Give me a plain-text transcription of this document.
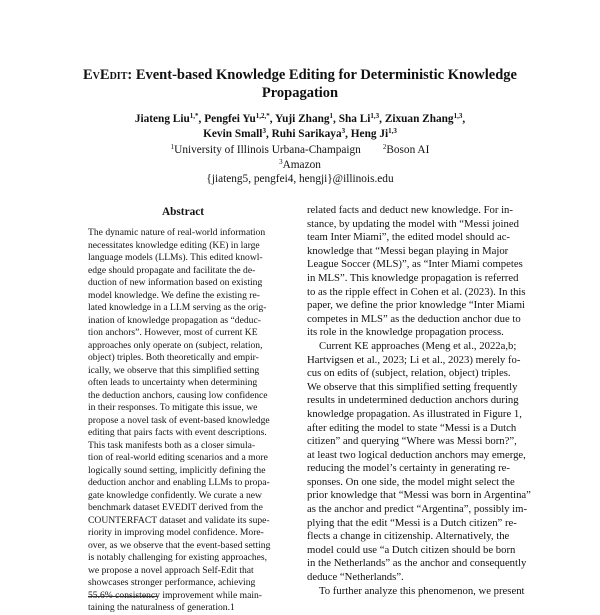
EvEdit: Event-based Knowledge Editing for Deterministic Knowledge
Propagation
Jiateng Liu$^{1,*}$, Pengfei $Yu^{1,2,*}$, Yuji Zhang$^1$, Sha Li$^{1,3}$, Zixuan Zhang$^{1,3}$,
Kevin Small$^3$, Ruhi Sarikaya$^3$, Heng Ji$^{1,3}$
$^1$University of Illinois Urbana-Champaign	$^2$Boson AI
$^3$Amazon
{jiateng5, pengfei4, hengji}@illinois.edu
Abstract
The dynamic nature of real-world information
necessitates knowledge editing (KE) in large
language models (LLMs). This edited knowl-
edge should propagate and facilitate the de-
duction of new information based on existing
model knowledge. We define the existing re-
lated knowledge in a LLM serving as the orig-
ination of knowledge propagation as “deduc-
tion anchors”. However, most of current KE
approaches only operate on (subject, relation,
object) triples. Both theoretically and empir-
ically, we observe that this simplified setting
often leads to uncertainty when determining
the deduction anchors, causing low confidence
in their responses. To mitigate this issue, we
propose a novel task of event-based knowledge
editing that pairs facts with event descriptions.
This task manifests both as a closer simula-
tion of real-world editing scenarios and a more
logically sound setting, implicitly defining the
deduction anchor and enabling LLMs to propa-
gate knowledge confidently. We curate a new
benchmark dataset EVEDIT derived from the
COUNTERFACT dataset and validate its supe-
riority in improving model confidence. More-
over, as we observe that the event-based setting
is notably challenging for existing approaches,
we propose a novel approach Self-Edit that
showcases stronger performance, achieving
55.6% consistency improvement while main-
taining the naturalness of generation.1
related facts and deduct new knowledge. For in-
stance, by updating the model with “Messi joined
team Inter Miami”, the edited model should ac-
knowledge that “Messi began playing in Major
League Soccer (MLS)”, as “Inter Miami competes
in MLS”. This knowledge propagation is referred
to as the ripple effect in Cohen et al. (2023). In this
paper, we define the prior knowledge “Inter Miami
competes in MLS” as the deduction anchor due to
its role in the knowledge propagation process.
Current KE approaches (Meng et al., 2022a,b;
Hartvigsen et al., 2023; Li et al., 2023) merely fo-
cus on edits of (subject, relation, object) triples.
We observe that this simplified setting frequently
results in undetermined deduction anchors during
knowledge propagation. As illustrated in Figure 1,
after editing the model to state “Messi is a Dutch
citizen” and querying “Where was Messi born?”,
at least two logical deduction anchors may emerge,
reducing the model’s certainty in generating re-
sponses. On one side, the model might select the
prior knowledge that “Messi was born in Argentina”
as the anchor and predict “Argentina”, possibly im-
plying that the edit “Messi is a Dutch citizen” re-
flects a change in citizenship. Alternatively, the
model could use “a Dutch citizen should be born
in the Netherlands” as the anchor and consequently
deduce “Netherlands”.
To further analyze this phenomenon, we present
